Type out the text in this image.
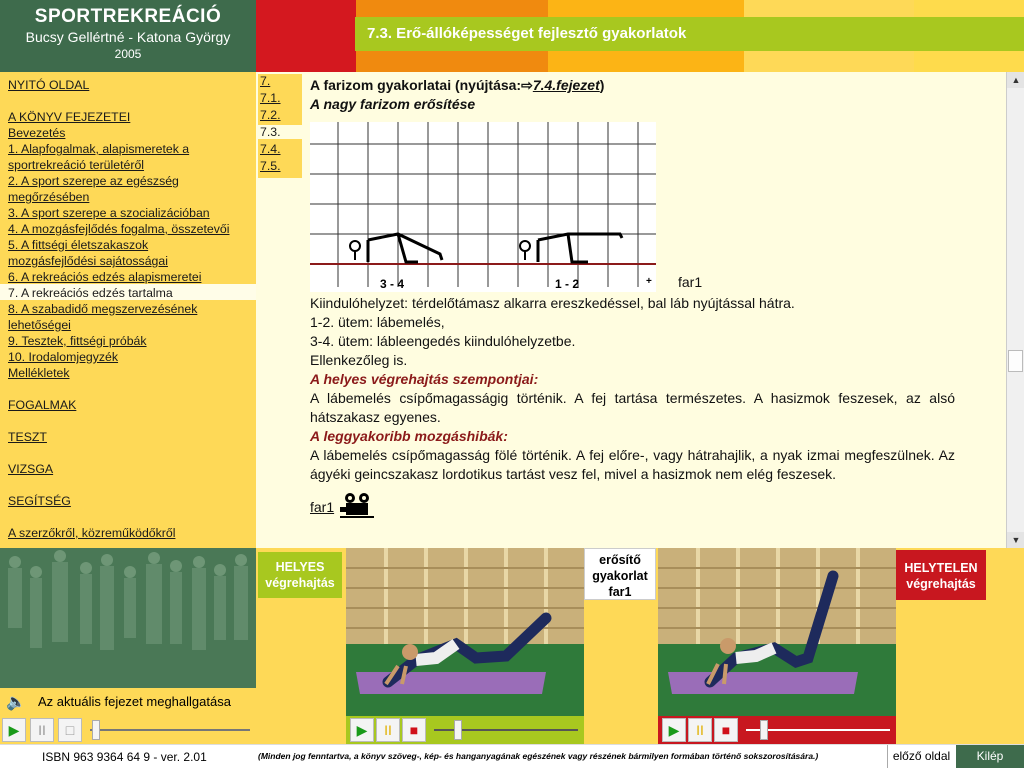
SPORTREKREÁCIÓ
Bucsy Gellértné - Katona György
2005
7.3. Erő-állóképességet fejlesztő gyakorlatok
NYITÓ OLDAL
A KÖNYV FEJEZETEI
Bevezetés
1. Alapfogalmak, alapismeretek a
sportrekreáció területéről
2. A sport szerepe az egészség
megőrzésében
3. A sport szerepe a szocializációban
4. A mozgásfejlődés fogalma, összetevői
5. A fittségi életszakaszok
mozgásfejlődési sajátosságai
6. A rekreációs edzés alapismeretei
7. A rekreációs edzés tartalma
8. A szabadidő megszervezésének
lehetőségei
9. Tesztek, fittségi próbák
10. Irodalomjegyzék
Mellékletek
FOGALMAK
TESZT
VIZSGA
SEGÍTSÉG
A szerzőkről, közreműködőkről
7.
7.1.
7.2.
7.3.
7.4.
7.5.
A farizom gyakorlatai (nyújtása:⇨7.4.fejezet)
A nagy farizom erősítése
3 - 4	1 - 2	+ far1
Kiindulóhelyzet: térdelőtámasz alkarra ereszkedéssel, bal láb nyújtással hátra.
1-2. ütem: lábemelés,
3-4. ütem: lábleengedés kiindulóhelyzetbe.
Ellenkezőleg is.
A helyes végrehajtás szempontjai:
A lábemelés csípőmagasságig történik. A fej tartása természetes. A hasizmok feszesek, az alsó hátszakasz egyenes.
A leggyakoribb mozgáshibák:
A lábemelés csípőmagasság fölé történik. A fej előre-, vagy hátrahajlik, a nyak izmai megfeszülnek. Az ágyéki geincszakasz lordotikus tartást vesz fel, mivel a hasizmok nem elég feszesek.
far1
▲
▼
🔈 Az aktuális fejezet meghallgatása
▶	II	□
HELYES
végrehajtás
erősítő
gyakorlat
far1
HELYTELEN
végrehajtás
▶	II	■	▶	II	■
ISBN 963 9364 64 9 - ver. 2.01	(Minden jog fenntartva, a könyv szöveg-, kép- és hanganyagának egészének vagy részének bármilyen formában történő sokszorosítására.)	előző oldal	Kilép
